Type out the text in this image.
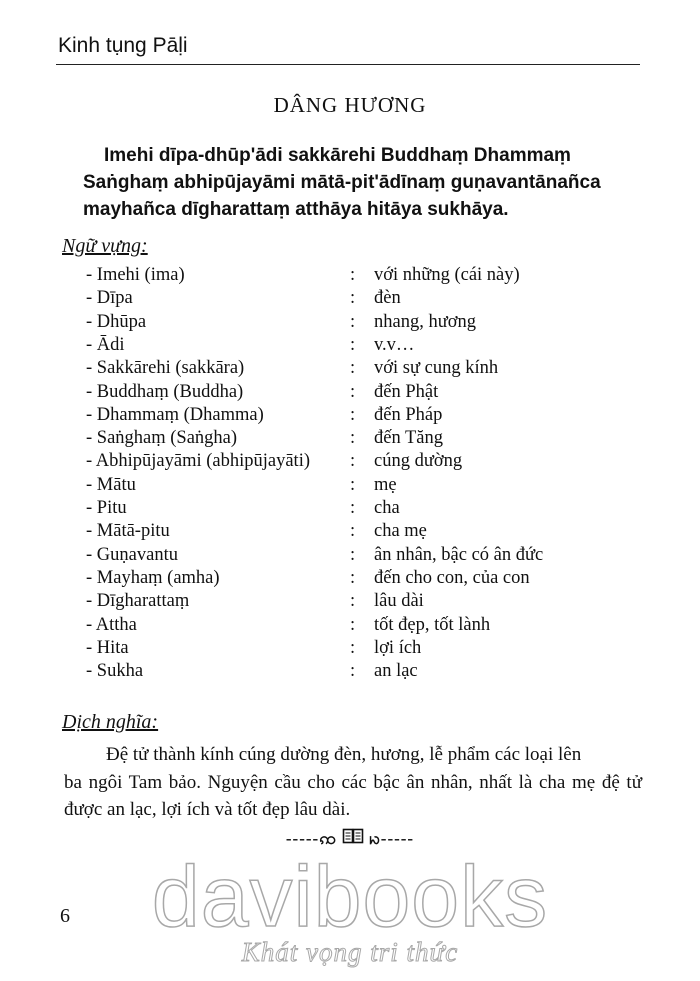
Kinh tụng Pāḷi
DÂNG HƯƠNG
Imehi dīpa-dhūp'ādi sakkārehi Buddhaṃ Dhammaṃ
Saṅghaṃ abhipūjayāmi mātā-pit'ādīnaṃ guṇavantānañca
mayhañca dīgharattaṃ atthāya hitāya sukhāya.
Ngữ vựng:
- Imehi (ima)	: với những (cái này)
- Dīpa	: đèn
- Dhūpa	: nhang, hương
- Ādi	: v.v…
- Sakkārehi (sakkāra)	: với sự cung kính
- Buddhaṃ (Buddha)	: đến Phật
- Dhammaṃ (Dhamma)	: đến Pháp
- Saṅghaṃ (Saṅgha)	: đến Tăng
- Abhipūjayāmi (abhipūjayāti) : cúng dường
- Mātu	: mẹ
- Pitu	: cha
- Mātā-pitu	: cha mẹ
- Guṇavantu	: ân nhân, bậc có ân đức
- Mayhaṃ (amha)	: đến cho con, của con
- Dīgharattaṃ	: lâu dài
- Attha	: tốt đẹp, tốt lành
- Hita	: lợi ích
- Sukha	: an lạc
Dịch nghĩa:
Đệ tử thành kính cúng dường đèn, hương, lễ phẩm các loại lên
ba ngôi Tam bảo. Nguyện cầu cho các bậc ân nhân, nhất là cha mẹ đệ tử được an lạc, lợi ích và tốt đẹp lâu dài.
-----ꩡ ꩢ-----
davibooks
6
Khát vọng tri thức
